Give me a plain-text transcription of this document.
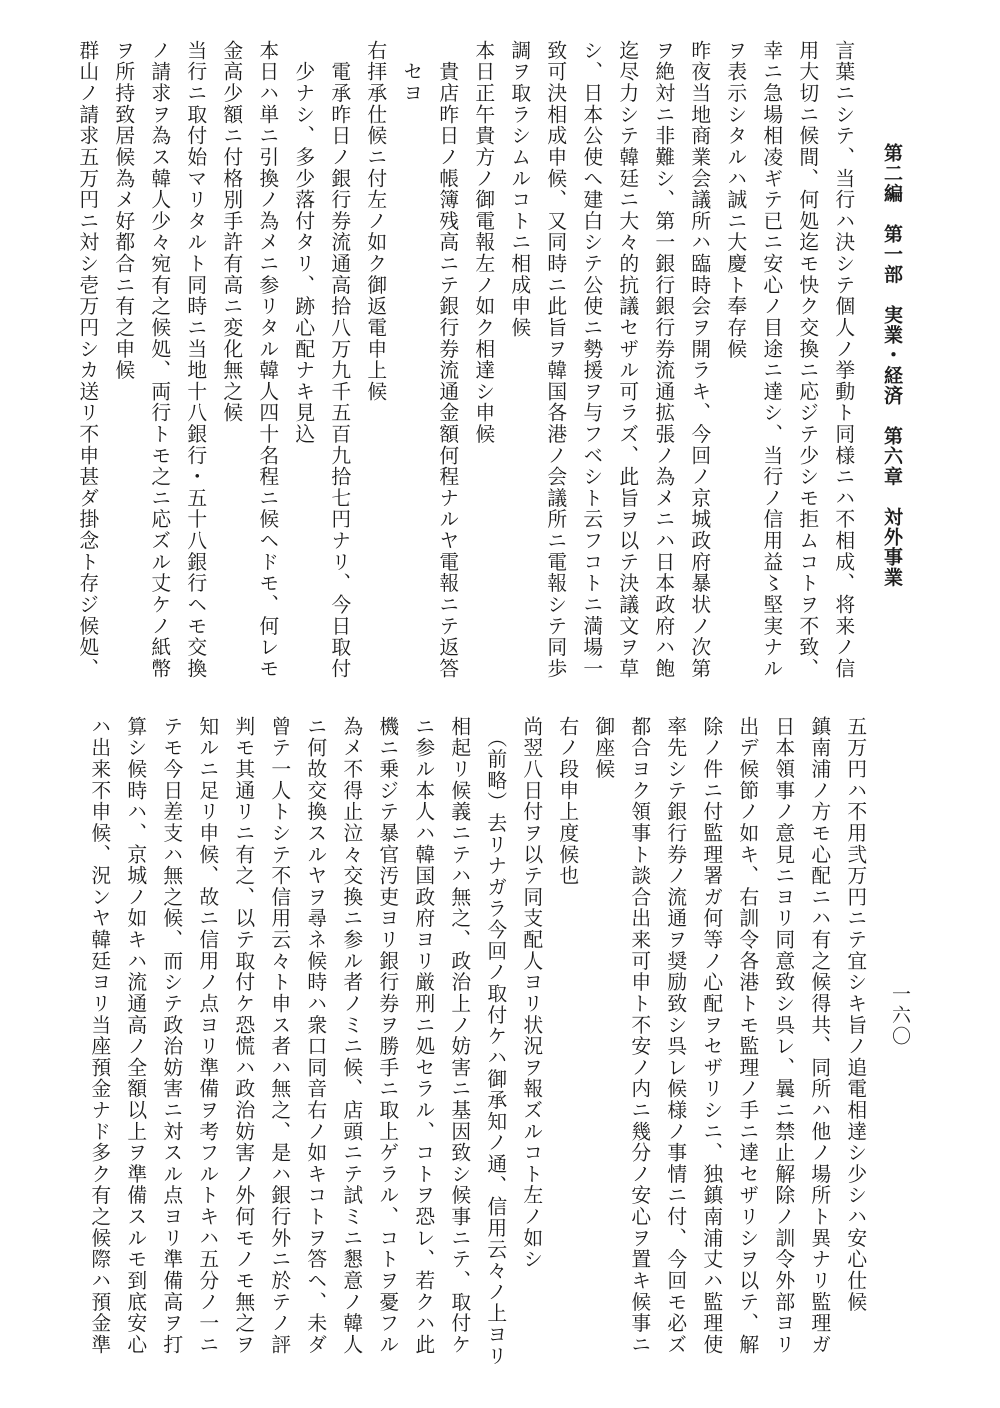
第二編　第一部　実業・経済　第六章　対外事業
一六〇
言葉ニシテ、当行ハ決シテ個人ノ挙動ト同様ニハ不相成、将来ノ信
用大切ニ候間、何処迄モ快ク交換ニ応ジテ少シモ拒ムコトヲ不致、
幸ニ急場相凌ギテ已ニ安心ノ目途ニ達シ、当行ノ信用益〻堅実ナル
ヲ表示シタルハ誠ニ大慶ト奉存候
昨夜当地商業会議所ハ臨時会ヲ開ラキ、今回ノ京城政府暴状ノ次第
ヲ絶対ニ非難シ、第一銀行銀行券流通拡張ノ為メニハ日本政府ハ飽
迄尽力シテ韓廷ニ大々的抗議セザル可ラズ、此旨ヲ以テ決議文ヲ草
シ、日本公使へ建白シテ公使ニ勢援ヲ与フベシト云フコトニ満場一
致可決相成申候、又同時ニ此旨ヲ韓国各港ノ会議所ニ電報シテ同歩
調ヲ取ラシムルコトニ相成申候
本日正午貴方ノ御電報左ノ如ク相達シ申候
　貴店昨日ノ帳簿残高ニテ銀行券流通金額何程ナルヤ電報ニテ返答
　セヨ
右拝承仕候ニ付左ノ如ク御返電申上候
　電承昨日ノ銀行券流通高拾八万九千五百九拾七円ナリ、今日取付
　少ナシ、多少落付タリ、跡心配ナキ見込
本日ハ単ニ引換ノ為メニ参リタル韓人四十名程ニ候ヘドモ、何レモ
金高少額ニ付格別手許有高ニ変化無之候
当行ニ取付始マリタルト同時ニ当地十八銀行・五十八銀行ヘモ交換
ノ請求ヲ為ス韓人少々宛有之候処、両行トモ之ニ応ズル丈ケノ紙幣
ヲ所持致居候為メ好都合ニ有之申候
群山ノ請求五万円ニ対シ壱万円シカ送リ不申甚ダ掛念ト存ジ候処、
五万円ハ不用弐万円ニテ宜シキ旨ノ追電相達シ少シハ安心仕候
鎮南浦ノ方モ心配ニハ有之候得共、同所ハ他ノ場所ト異ナリ監理ガ
日本領事ノ意見ニヨリ同意致シ呉レ、曩ニ禁止解除ノ訓令外部ヨリ
出デ候節ノ如キ、右訓令各港トモ監理ノ手ニ達セザリシヲ以テ、解
除ノ件ニ付監理署ガ何等ノ心配ヲセザリシニ、独鎮南浦丈ハ監理使
率先シテ銀行券ノ流通ヲ奨励致シ呉レ候様ノ事情ニ付、今回モ必ズ
都合ヨク領事ト談合出来可申ト不安ノ内ニ幾分ノ安心ヲ置キ候事ニ
御座候
右ノ段申上度候也
尚翌八日付ヲ以テ同支配人ヨリ状況ヲ報ズルコト左ノ如シ
　（前略）去リナガラ今回ノ取付ケハ御承知ノ通、信用云々ノ上ヨリ
相起リ候義ニテハ無之、政治上ノ妨害ニ基因致シ候事ニテ、取付ケ
ニ参ル本人ハ韓国政府ヨリ厳刑ニ処セラル、コトヲ恐レ、若クハ此
機ニ乗ジテ暴官汚吏ヨリ銀行券ヲ勝手ニ取上ゲラル、コトヲ憂フル
為メ不得止泣々交換ニ参ル者ノミニ候、店頭ニテ試ミニ懇意ノ韓人
ニ何故交換スルヤヲ尋ネ候時ハ衆口同音右ノ如キコトヲ答ヘ、未ダ
曾テ一人トシテ不信用云々ト申ス者ハ無之、是ハ銀行外ニ於テノ評
判モ其通リニ有之、以テ取付ケ恐慌ハ政治妨害ノ外何モノモ無之ヲ
知ルニ足リ申候、故ニ信用ノ点ヨリ準備ヲ考フルトキハ五分ノ一ニ
テモ今日差支ハ無之候、而シテ政治妨害ニ対スル点ヨリ準備高ヲ打
算シ候時ハ、京城ノ如キハ流通高ノ全額以上ヲ準備スルモ到底安心
ハ出来不申候、況ンヤ韓廷ヨリ当座預金ナド多ク有之候際ハ預金準
